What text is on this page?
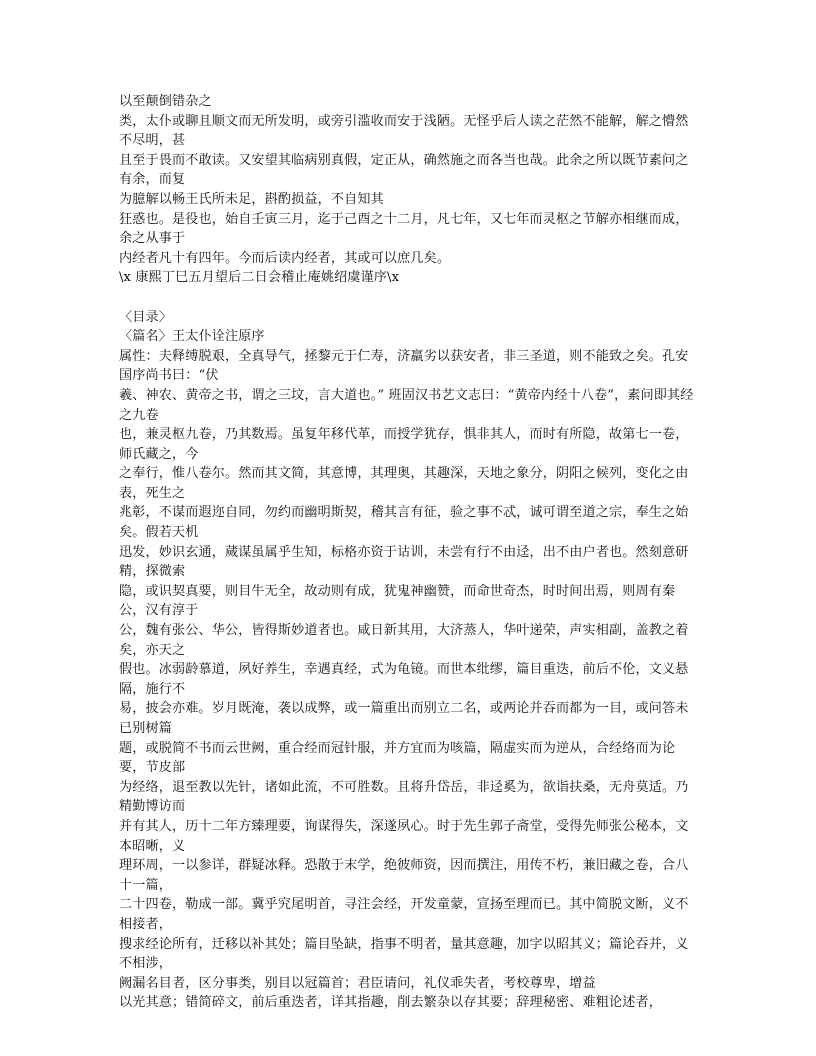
以至颠倒错杂之
类，太仆或聊且顺文而无所发明，或旁引滥收而安于浅陋。无怪乎后人读之茫然不能解，解之懵然不尽明，甚
且至于畏而不敢读。又安望其临病别真假，定正从，确然施之而各当也哉。此余之所以既节素问之有余，而复
为臆解以畅王氏所未足，斟酌损益，不自知其
狂惑也。是役也，始自壬寅三月，迄于己酉之十二月，凡七年，又七年而灵枢之节解亦相继而成，余之从事于
内经者凡十有四年。今而后读内经者，其或可以庶几矣。
\x 康熙丁巳五月望后二日会稽止庵姚绍虞谨序\x
〈目录〉
〈篇名〉王太仆诠注原序
属性：夫释缚脱艰，全真导气，拯黎元于仁寿，济羸劣以获安者，非三圣道，则不能致之矣。孔安国序尚书曰：“伏
羲、神农、黄帝之书，谓之三坟，言大道也。” 班固汉书艺文志曰：“黄帝内经十八卷”，素问即其经之九卷
也，兼灵枢九卷，乃其数焉。虽复年移代革，而授学犹存，惧非其人，而时有所隐，故第七一卷，师氏藏之，今
之奉行，惟八卷尔。然而其文简，其意博，其理奥，其趣深，天地之象分，阴阳之候列，变化之由表，死生之
兆彰，不谋而遐迩自同，勿约而幽明斯契，稽其言有征，验之事不忒，诚可谓至道之宗，奉生之始矣。假若天机
迅发，妙识玄通，蒇谋虽属乎生知，标格亦资于诂训，未尝有行不由迳，出不由户者也。然刻意研精，探微索
隐，或识契真要，则目牛无全，故动则有成，犹鬼神幽赞，而命世奇杰，时时间出焉，则周有秦公，汉有淳于
公，魏有张公、华公，皆得斯妙道者也。咸日新其用，大济蒸人，华叶递荣，声实相副，盖教之着矣，亦天之
假也。冰弱龄慕道，夙好养生，幸遇真经，式为龟镜。而世本纰缪，篇目重迭，前后不伦，文义悬隔，施行不
易，披会亦难。岁月既淹，袭以成弊，或一篇重出而别立二名，或两论并吞而都为一目，或问答未已别树篇
题，或脱简不书而云世阙，重合经而冠针服，并方宜而为咳篇，隔虚实而为逆从，合经络而为论要，节皮部
为经络，退至教以先针，诸如此流，不可胜数。且将升岱岳，非迳奚为，欲诣扶桑，无舟莫适。乃精勤博访而
并有其人，历十二年方臻理要，询谋得失，深遂夙心。时于先生郭子斋堂，受得先师张公秘本，文本昭晰，义
理环周，一以参详，群疑冰释。恐散于末学，绝彼师资，因而撰注，用传不朽，兼旧藏之卷，合八十一篇，
二十四卷，勒成一部。冀乎究尾明首，寻注会经，开发童蒙，宣扬至理而已。其中简脱文断，义不相接者，
搜求经论所有，迁移以补其处；篇目坠缺，指事不明者，量其意趣，加字以昭其义；篇论吞并，义不相涉，
阙漏名目者，区分事类，别目以冠篇首；君臣请问，礼仪乖失者，考校尊卑，增益
以光其意；错简碎文，前后重迭者，详其指趣，削去繁杂以存其要；辞理秘密、难粗论述者，
